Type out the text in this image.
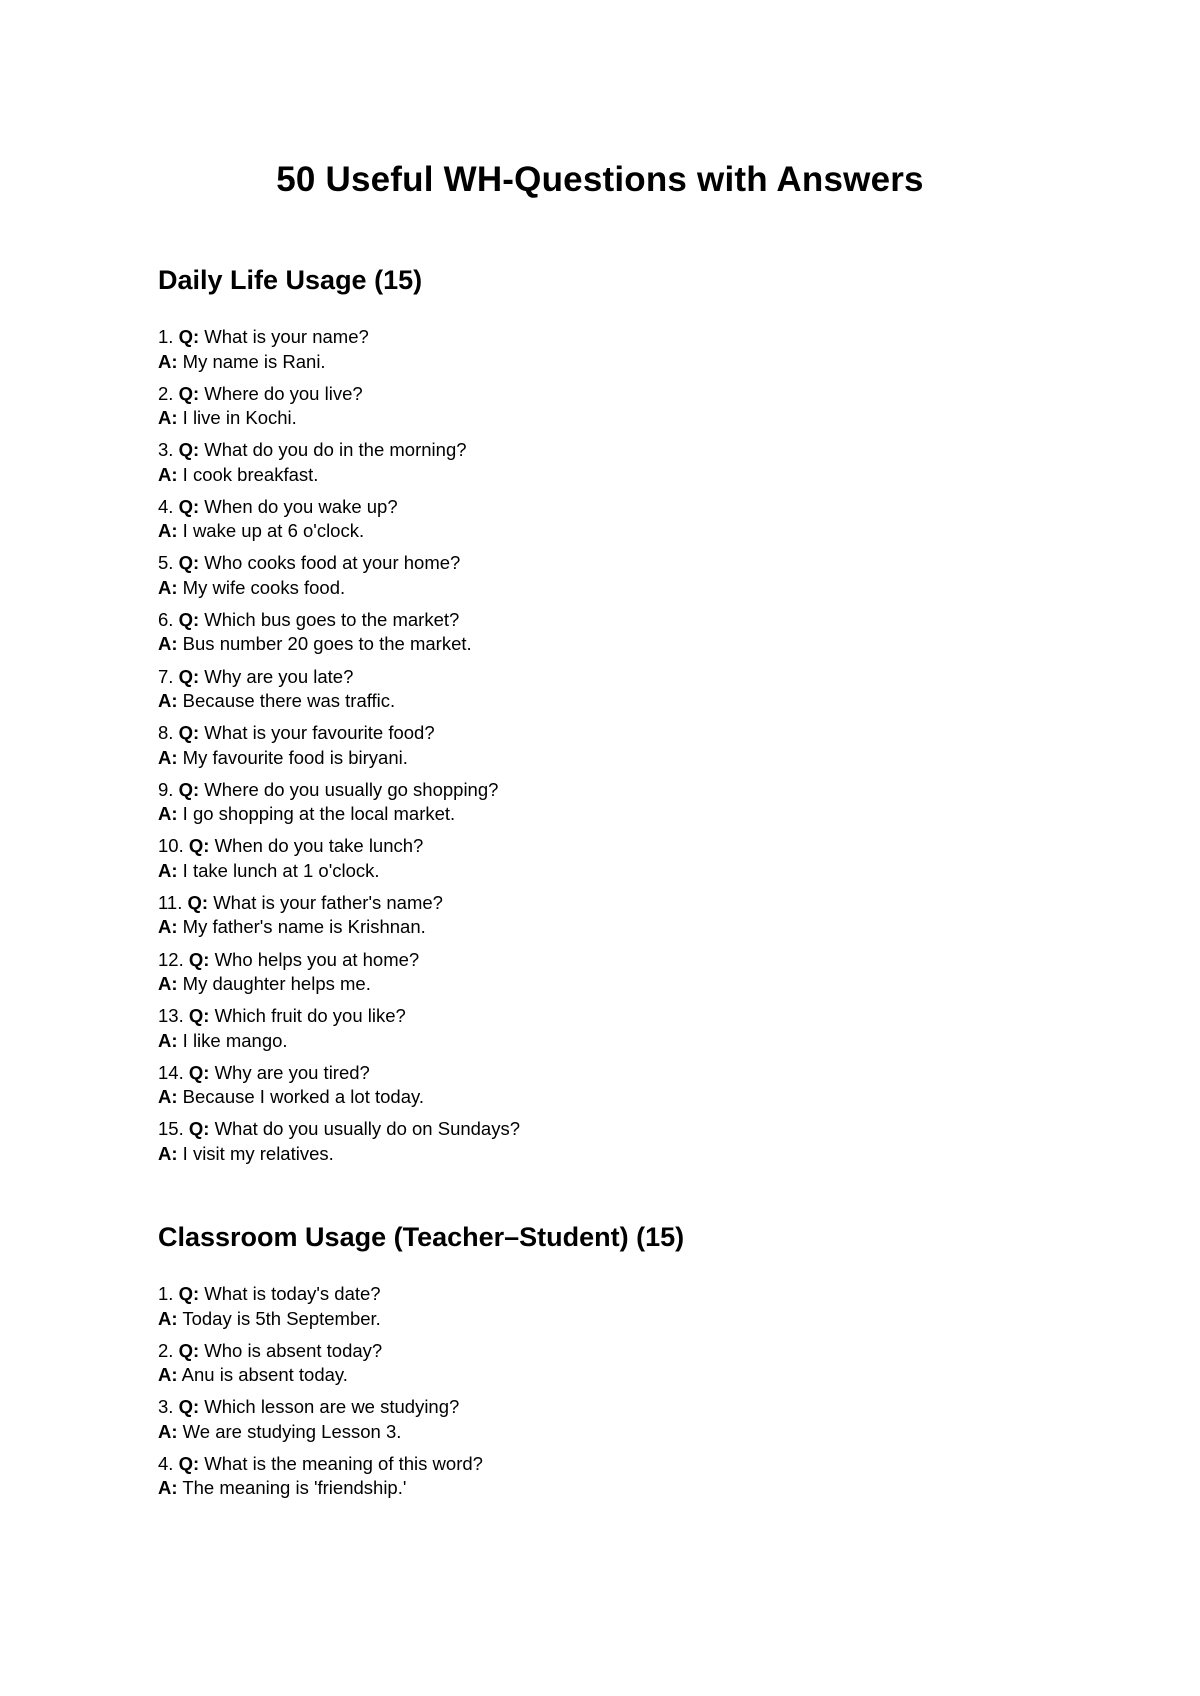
50 Useful WH-Questions with Answers
Daily Life Usage (15)
1. Q: What is your name?
A: My name is Rani.
2. Q: Where do you live?
A: I live in Kochi.
3. Q: What do you do in the morning?
A: I cook breakfast.
4. Q: When do you wake up?
A: I wake up at 6 o'clock.
5. Q: Who cooks food at your home?
A: My wife cooks food.
6. Q: Which bus goes to the market?
A: Bus number 20 goes to the market.
7. Q: Why are you late?
A: Because there was traffic.
8. Q: What is your favourite food?
A: My favourite food is biryani.
9. Q: Where do you usually go shopping?
A: I go shopping at the local market.
10. Q: When do you take lunch?
A: I take lunch at 1 o'clock.
11. Q: What is your father's name?
A: My father's name is Krishnan.
12. Q: Who helps you at home?
A: My daughter helps me.
13. Q: Which fruit do you like?
A: I like mango.
14. Q: Why are you tired?
A: Because I worked a lot today.
15. Q: What do you usually do on Sundays?
A: I visit my relatives.
Classroom Usage (Teacher–Student) (15)
1. Q: What is today's date?
A: Today is 5th September.
2. Q: Who is absent today?
A: Anu is absent today.
3. Q: Which lesson are we studying?
A: We are studying Lesson 3.
4. Q: What is the meaning of this word?
A: The meaning is 'friendship.'
